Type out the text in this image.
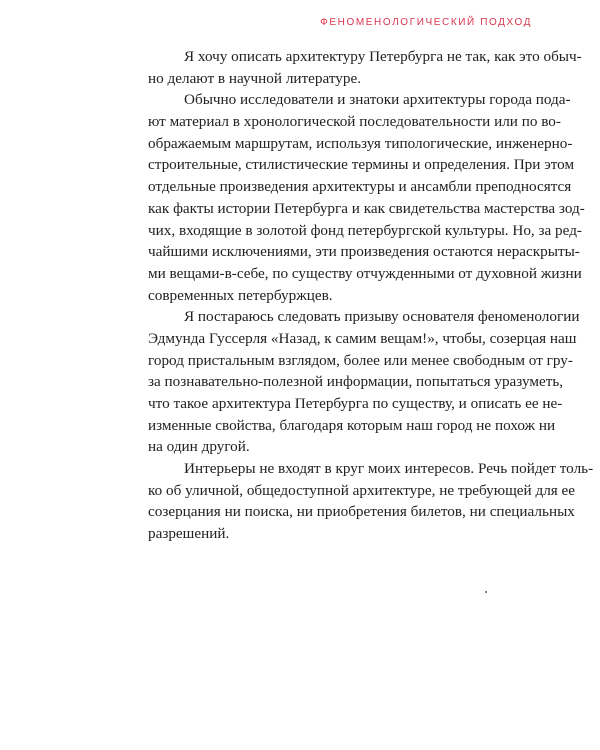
ФЕНОМЕНОЛОГИЧЕСКИЙ ПОДХОД
Я хочу описать архитектуру Петербурга не так, как это обыч-
но делают в научной литературе.
Обычно исследователи и знатоки архитектуры города пода-
ют материал в хронологической последовательности или по во-
ображаемым маршрутам, используя типологические, инженерно-
строительные, стилистические термины и определения. При этом
отдельные произведения архитектуры и ансамбли преподносятся
как факты истории Петербурга и как свидетельства мастерства зод-
чих, входящие в золотой фонд петербургской культуры. Но, за ред-
чайшими исключениями, эти произведения остаются нераскрыты-
ми вещами-в-себе, по существу отчужденными от духовной жизни
современных петербуржцев.
Я постараюсь следовать призыву основателя феноменологии
Эдмунда Гуссерля «Назад, к самим вещам!», чтобы, созерцая наш
город пристальным взглядом, более или менее свободным от гру-
за познавательно-полезной информации, попытаться уразуметь,
что такое архитектура Петербурга по существу, и описать ее не-
изменные свойства, благодаря которым наш город не похож ни
на один другой.
Интерьеры не входят в круг моих интересов. Речь пойдет толь-
ко об уличной, общедоступной архитектуре, не требующей для ее
созерцания ни поиска, ни приобретения билетов, ни специальных
разрешений.
